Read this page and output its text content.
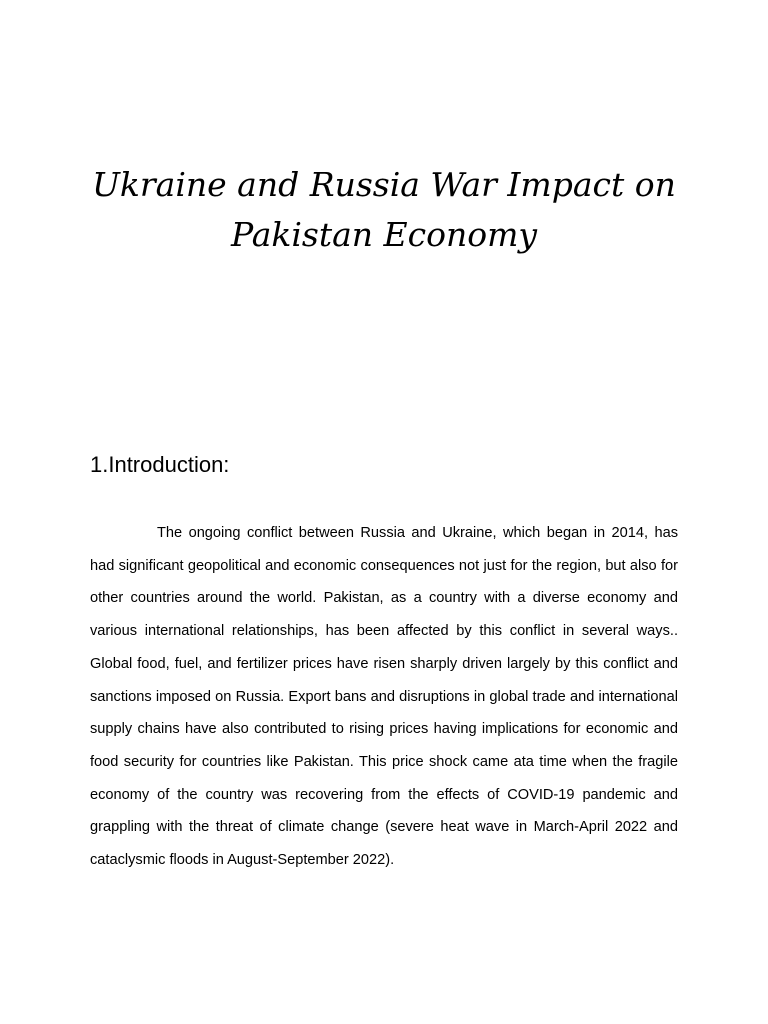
Ukraine and Russia War Impact on Pakistan Economy
1.Introduction:

The ongoing conflict between Russia and Ukraine, which began in 2014, has had significant geopolitical and economic consequences not just for the region, but also for other countries around the world. Pakistan, as a country with a diverse economy and various international relationships, has been affected by this conflict in several ways.. Global food, fuel, and fertilizer prices have risen sharply driven largely by this conflict and sanctions imposed on Russia. Export bans and disruptions in global trade and international supply chains have also contributed to rising prices having implications for economic and food security for countries like Pakistan. This price shock came ata time when the fragile economy of the country was recovering from the effects of COVID-19 pandemic and grappling with the threat of climate change (severe heat wave in March-April 2022 and cataclysmic floods in August-September 2022).
